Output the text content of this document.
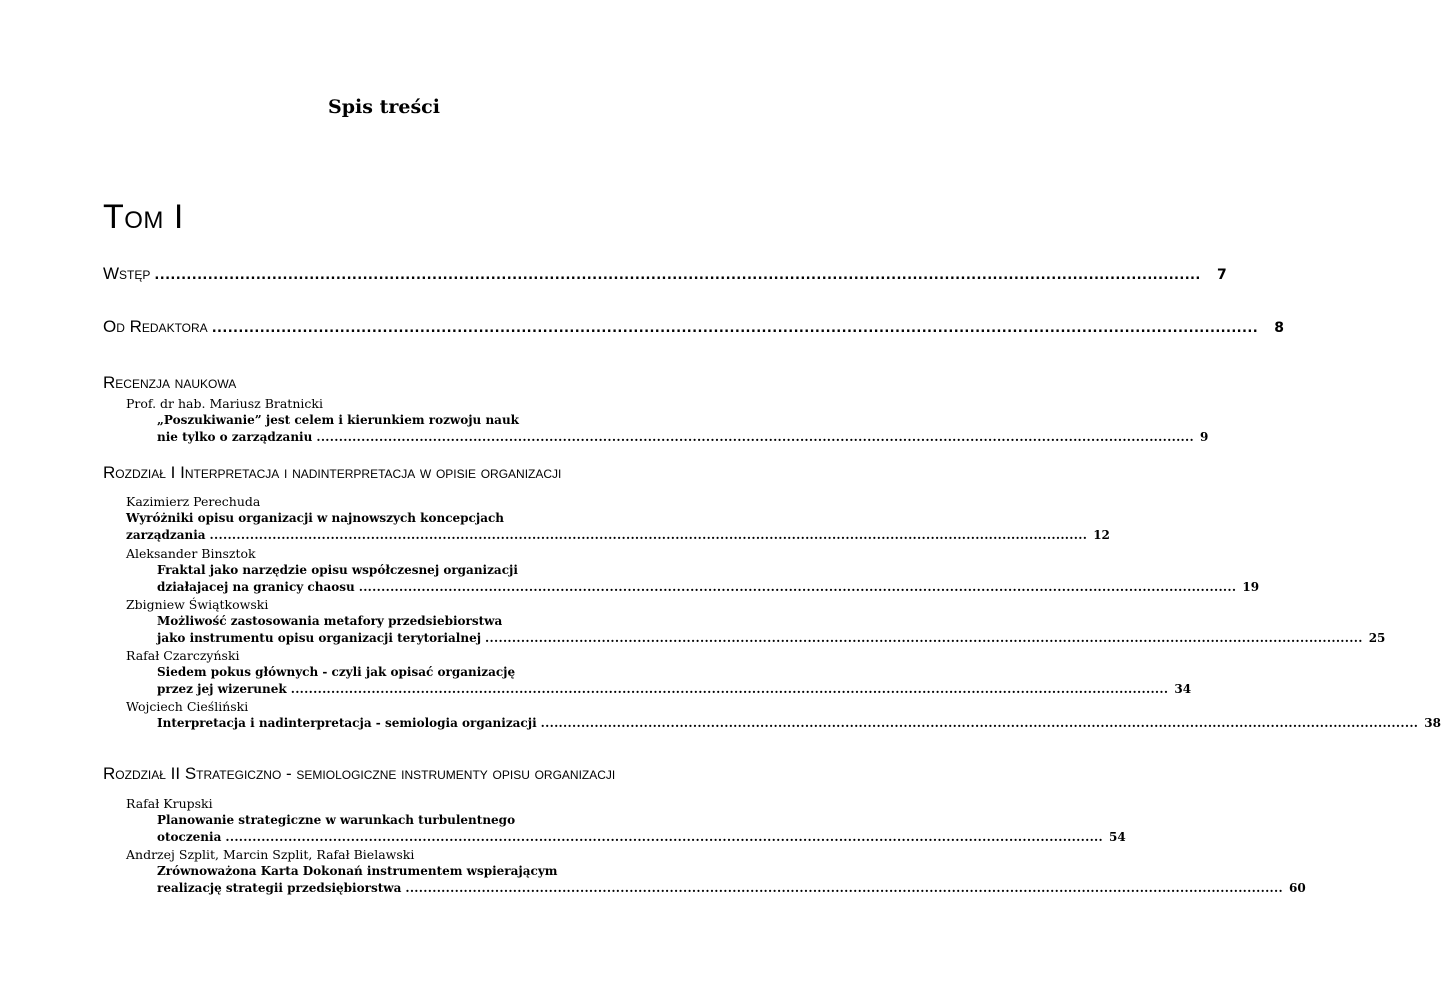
Spis treści
Tom I
Wstęp .................................................................................................................................................................................................... 7
Od Redaktora .................................................................................................................................................................................................... 8
Recenzja naukowa
Prof. dr hab. Mariusz Bratnicki
„Poszukiwanie” jest celem i kierunkiem rozwoju nauk
nie tylko o zarządzaniu .................................................................................................................................................................................................... 9
Rozdział I Interpretacja i nadinterpretacja w opisie organizacji
Kazimierz Perechuda
Wyróżniki opisu organizacji w najnowszych koncepcjach
zarządzania .................................................................................................................................................................................................... 12
Aleksander Binsztok
Fraktal jako narzędzie opisu współczesnej organizacji
działajacej na granicy chaosu .................................................................................................................................................................................................... 19
Zbigniew Świątkowski
Możliwość zastosowania metafory przedsiebiorstwa
jako instrumentu opisu organizacji terytorialnej .................................................................................................................................................................................................... 25
Rafał Czarczyński
Siedem pokus głównych - czyli jak opisać organizację
przez jej wizerunek .................................................................................................................................................................................................... 34
Wojciech Cieśliński
Interpretacja i nadinterpretacja - semiologia organizacji .................................................................................................................................................................................................... 38
Rozdział II Strategiczno - semiologiczne instrumenty opisu organizacji
Rafał Krupski
Planowanie strategiczne w warunkach turbulentnego
otoczenia .................................................................................................................................................................................................... 54
Andrzej Szplit, Marcin Szplit, Rafał Bielawski
Zrównoważona Karta Dokonań instrumentem wspierającym
realizację strategii przedsiębiorstwa .................................................................................................................................................................................................... 60
